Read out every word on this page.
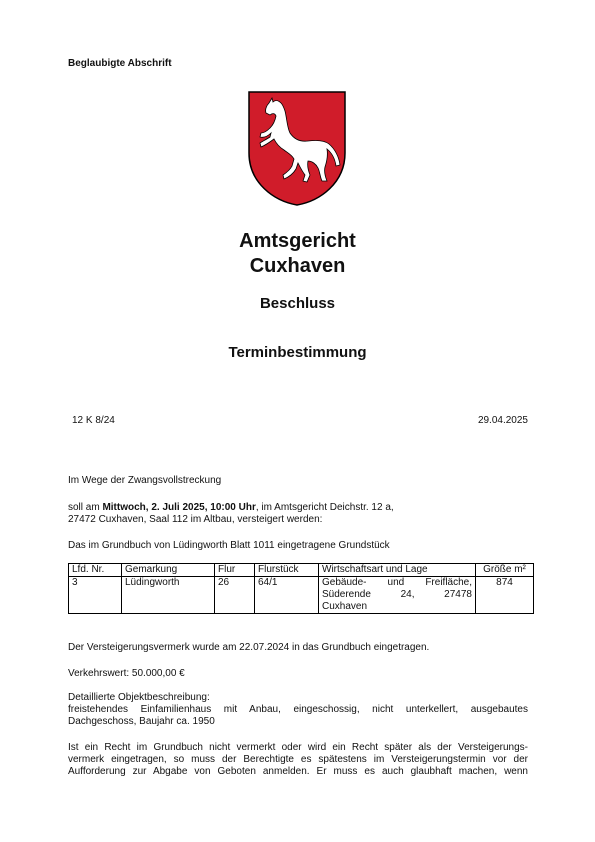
Beglaubigte Abschrift
Amtsgericht
Cuxhaven
Beschluss
Terminbestimmung
12 K 8/24	29.04.2025
Im Wege der Zwangsvollstreckung
soll am Mittwoch, 2. Juli 2025, 10:00 Uhr, im Amtsgericht Deichstr. 12 a,
27472 Cuxhaven, Saal 112 im Altbau, versteigert werden:
Das im Grundbuch von Lüdingworth Blatt 1011 eingetragene Grundstück
Lfd. Nr.	Gemarkung	Flur	Flurstück	Wirtschaftsart und Lage	Größe m²
3	Lüdingworth	26	64/1	Gebäude- und Freifläche,
Süderende 24, 27478
Cuxhaven	874
Der Versteigerungsvermerk wurde am 22.07.2024 in das Grundbuch eingetragen.
Verkehrswert: 50.000,00 €
Detaillierte Objektbeschreibung:
freistehendes Einfamilienhaus mit Anbau, eingeschossig, nicht unterkellert, ausgebautes
Dachgeschoss, Baujahr ca. 1950
Ist ein Recht im Grundbuch nicht vermerkt oder wird ein Recht später als der Versteigerungs-
vermerk eingetragen, so muss der Berechtigte es spätestens im Versteigerungstermin vor der
Aufforderung zur Abgabe von Geboten anmelden. Er muss es auch glaubhaft machen, wenn
